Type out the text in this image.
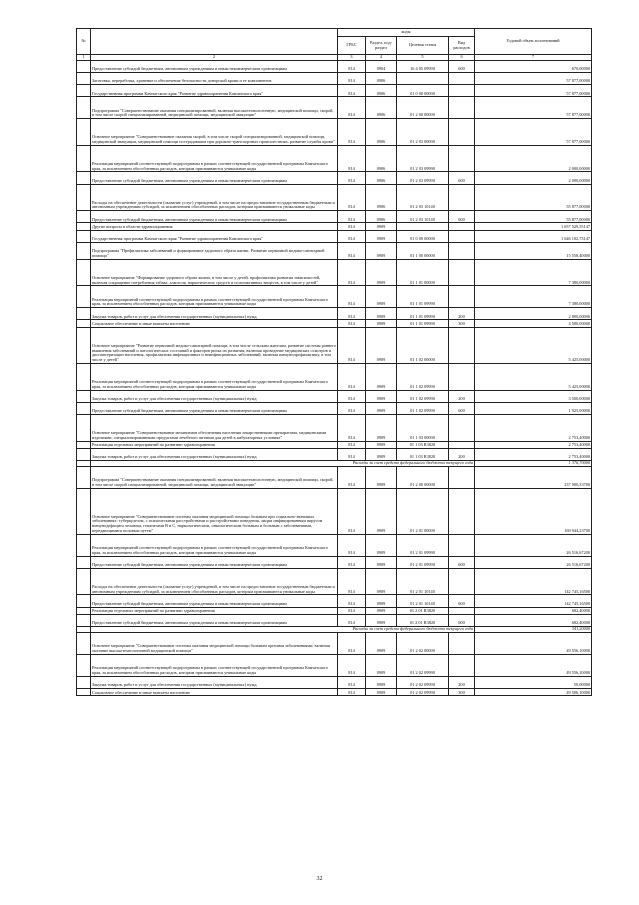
№		коды				Годовой объем ассигнований
		ГРБС	Раздел, под-раздел	Целевая статья	Вид расходов	
1	2	3	4	5	6	7
	Предоставление субсидий бюджетным, автономным учреждениям и иным некоммерческим организациям	814	0904	16 4 05 09990	600	670,00000
	Заготовка, переработка, хранение и обеспечение безопасности донорской крови и ее компонентов	814	0906			57 877,00000
	Государственная программа Камчатского края "Развитие здравоохранения Камчатского края"	814	0906	01 0 00 00000		57 877,00000
	Подпрограмма "Совершенствование оказания специализированной, включая высокотехнологичную, медицинской помощи, скорой, в том числе скорой специализированной, медицинской помощи, медицинской эвакуации"	814	0906	01 2 00 00000		57 877,00000
	Основное мероприятие "Совершенствование оказания скорой, в том числе скорой специализированной, медицинской помощи, медицинской эвакуации, медицинской помощи пострадавшим при дорожно-транспортных происшествиях, развитие службы крови"	814	0906	01 2 03 00000		57 877,00000
	Реализация мероприятий соответствующей подпрограммы в рамках соответствующей государственной программы Камчатского края, за исключением обособленных расходов, которым присваиваются уникальные коды	814	0906	01 2 03 09990		2 000,00000
	Предоставление субсидий бюджетным, автономным учреждениям и иным некоммерческим организациям	814	0906	01 2 03 09990	600	2 000,00000
	Расходы на обеспечение деятельности (оказание услуг) учреждений, в том числе на предоставление государственным бюджетным и автономным учреждениям субсидий, за исключением обособленных расходов, которым присваиваются уникальные коды	814	0906	01 2 03 10140		55 877,00000
	Предоставление субсидий бюджетным, автономным учреждениям и иным некоммерческим организациям	814	0906	01 2 03 10140	600	55 877,00000
	Другие вопросы в области здравоохранения	814	0909			1 657 529,55147
	Государственная программа Камчатского края "Развитие здравоохранения Камчатского края"	814	0909	01 0 00 00000		1 646 102,73147
	Подпрограмма "Профилактика заболеваний и формирование здорового образа жизни. Развитие первичной медико-санитарной помощи"	814	0909	01 1 00 00000		15 558,40000
	Основное мероприятие "Формирование здорового образа жизни, в том числе у детей, профилактика развития зависимостей, включая сокращение потребления табака, алкоголя, наркотических средств и психоактивных веществ, в том числе у детей"	814	0909	01 1 01 00000		7 380,00000
	Реализация мероприятий соответствующей подпрограммы в рамках соответствующей государственной программы Камчатского края, за исключением обособленных расходов, которым присваиваются уникальные коды	814	0909	01 1 01 09990		7 380,00000
	Закупка товаров, работ и услуг для обеспечения государственных (муниципальных) нужд	814	0909	01 1 01 09990	200	2 800,00000
	Социальное обеспечение и иные выплаты населению	814	0909	01 1 01 09990	300	4 580,00000
	Основное мероприятие "Развитие первичной медико-санитарной помощи, в том числе сельским жителям, развитие системы раннего выявления заболеваний и патологических состояний и факторов риска их развития, включая проведение медицинских осмотров и диспансеризации населения, профилактика инфекционных и неинфекционных заболеваний, включая иммунопрофилактику, в том числе у детей"	814	0909	01 1 02 00000		5 425,00000
	Реализация мероприятий соответствующей подпрограммы в рамках соответствующей государственной программы Камчатского края, за исключением обособленных расходов, которым присваиваются уникальные коды	814	0909	01 1 02 09990		5 425,00000
	Закупка товаров, работ и услуг для обеспечения государственных (муниципальных) нужд	814	0909	01 1 02 09990	200	3 500,00000
	Предоставление субсидий бюджетным, автономным учреждениям и иным некоммерческим организациям	814	0909	01 1 02 09990	600	1 925,00000
	Основное мероприятие "Совершенствование механизмов обеспечения населения лекарственными препаратами, медицинскими изделиями, специализированными продуктами лечебного питания для детей в амбулаторных условиях"	814	0909	01 1 03 00000		2 753,40000
	Реализация отдельных мероприятий по развитию здравоохранения	814	0909	01 1 03 R3820		2 753,40000
	Закупка товаров, работ и услуг для обеспечения государственных (муниципальных) нужд	814	0909	01 1 03 R3820	200	2 753,40000
	Расходы за счет средств федерального бюджета текущего года					1 376,70000
	Подпрограмма "Совершенствование оказания специализированной, включая высокотехнологичную, медицинской помощи, скорой, в том числе скорой специализированной, медицинской помощи, медицинской эвакуации"	814	0909	01 2 00 00000		237 000,33700
	Основное мероприятие "Совершенствование системы оказания медицинской помощи больным при социально-значимых заболеваниях: туберкулезом, с психическими расстройствами и расстройствами поведения, лицам инфицированным вирусом иммунодефицита человека, гепатитами B и C, наркологическим, онкологическим больным и больным с заболеваниями, передающимися половым путем"	814	0909	01 2 01 00000		169 944,23700
	Реализация мероприятий соответствующей подпрограммы в рамках соответствующей государственной программы Камчатского края, за исключением обособленных расходов, которым присваиваются уникальные коды	814	0909	01 2 01 09990		26 516,67200
	Предоставление субсидий бюджетным, автономным учреждениям и иным некоммерческим организациям	814	0909	01 2 01 09990	600	26 516,67200
	Расходы на обеспечение деятельности (оказание услуг) учреждений, в том числе на предоставление государственным бюджетным и автономным учреждениям субсидий, за исключением обособленных расходов, которым присваиваются уникальные коды	814	0909	01 2 01 10140		142 745,16500
	Предоставление субсидий бюджетным, автономным учреждениям и иным некоммерческим организациям	814	0909	01 2 01 10140	600	142 745,16500
	Реализация отдельных мероприятий по развитию здравоохранения	814	0909	01 2 01 R3820		682,40000
	Предоставление субсидий бюджетным, автономным учреждениям и иным некоммерческим организациям	814	0909	01 2 01 R3820	600	682,40000
	Расходы за счет средств федерального бюджета текущего года					341,20000
	Основное мероприятие "Совершенствование системы оказания медицинской помощи больным прочими заболеваниями, включая оказание высокотехнологичной медицинской помощи"	814	0909	01 2 02 00000		49 556,10000
	Реализация мероприятий соответствующей подпрограммы в рамках соответствующей государственной программы Камчатского края, за исключением обособленных расходов, которым присваиваются уникальные коды	814	0909	01 2 02 09990		49 556,10000
	Закупка товаров, работ и услуг для обеспечения государственных (муниципальных) нужд	814	0909	01 2 02 09990	200	50,00000
	Социальное обеспечение и иные выплаты населению	814	0909	01 2 02 09990	300	49 506,10000
32
